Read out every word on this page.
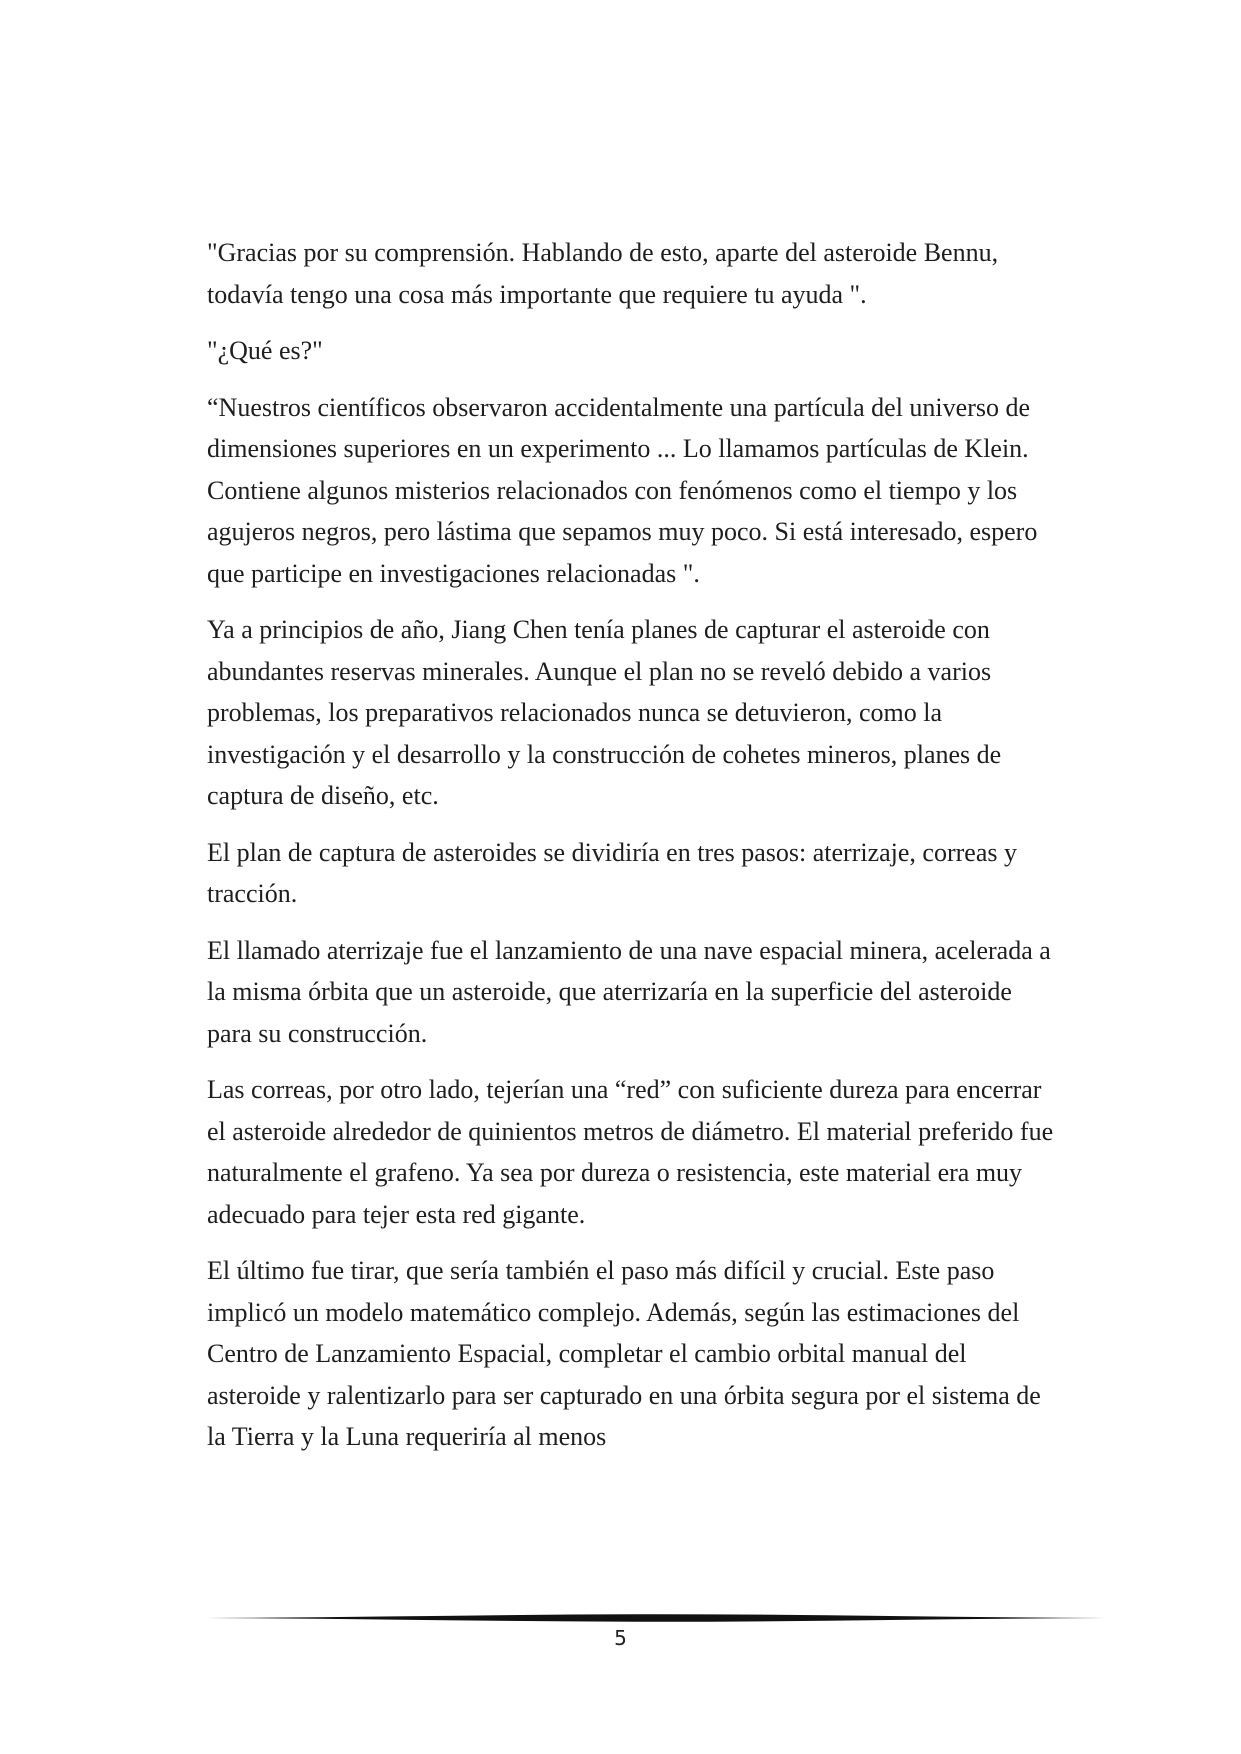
"Gracias por su comprensión. Hablando de esto, aparte del asteroide Bennu, todavía tengo una cosa más importante que requiere tu ayuda ".

"¿Qué es?"

“Nuestros científicos observaron accidentalmente una partícula del universo de dimensiones superiores en un experimento ... Lo llamamos partículas de Klein. Contiene algunos misterios relacionados con fenómenos como el tiempo y los agujeros negros, pero lástima que sepamos muy poco. Si está interesado, espero que participe en investigaciones relacionadas ".

Ya a principios de año, Jiang Chen tenía planes de capturar el asteroide con abundantes reservas minerales. Aunque el plan no se reveló debido a varios problemas, los preparativos relacionados nunca se detuvieron, como la investigación y el desarrollo y la construcción de cohetes mineros, planes de captura de diseño, etc.

El plan de captura de asteroides se dividiría en tres pasos: aterrizaje, correas y tracción.

El llamado aterrizaje fue el lanzamiento de una nave espacial minera, acelerada a la misma órbita que un asteroide, que aterrizaría en la superficie del asteroide para su construcción.

Las correas, por otro lado, tejerían una “red” con suficiente dureza para encerrar el asteroide alrededor de quinientos metros de diámetro. El material preferido fue naturalmente el grafeno. Ya sea por dureza o resistencia, este material era muy adecuado para tejer esta red gigante.

El último fue tirar, que sería también el paso más difícil y crucial. Este paso implicó un modelo matemático complejo. Además, según las estimaciones del Centro de Lanzamiento Espacial, completar el cambio orbital manual del asteroide y ralentizarlo para ser capturado en una órbita segura por el sistema de la Tierra y la Luna requeriría al menos

5
